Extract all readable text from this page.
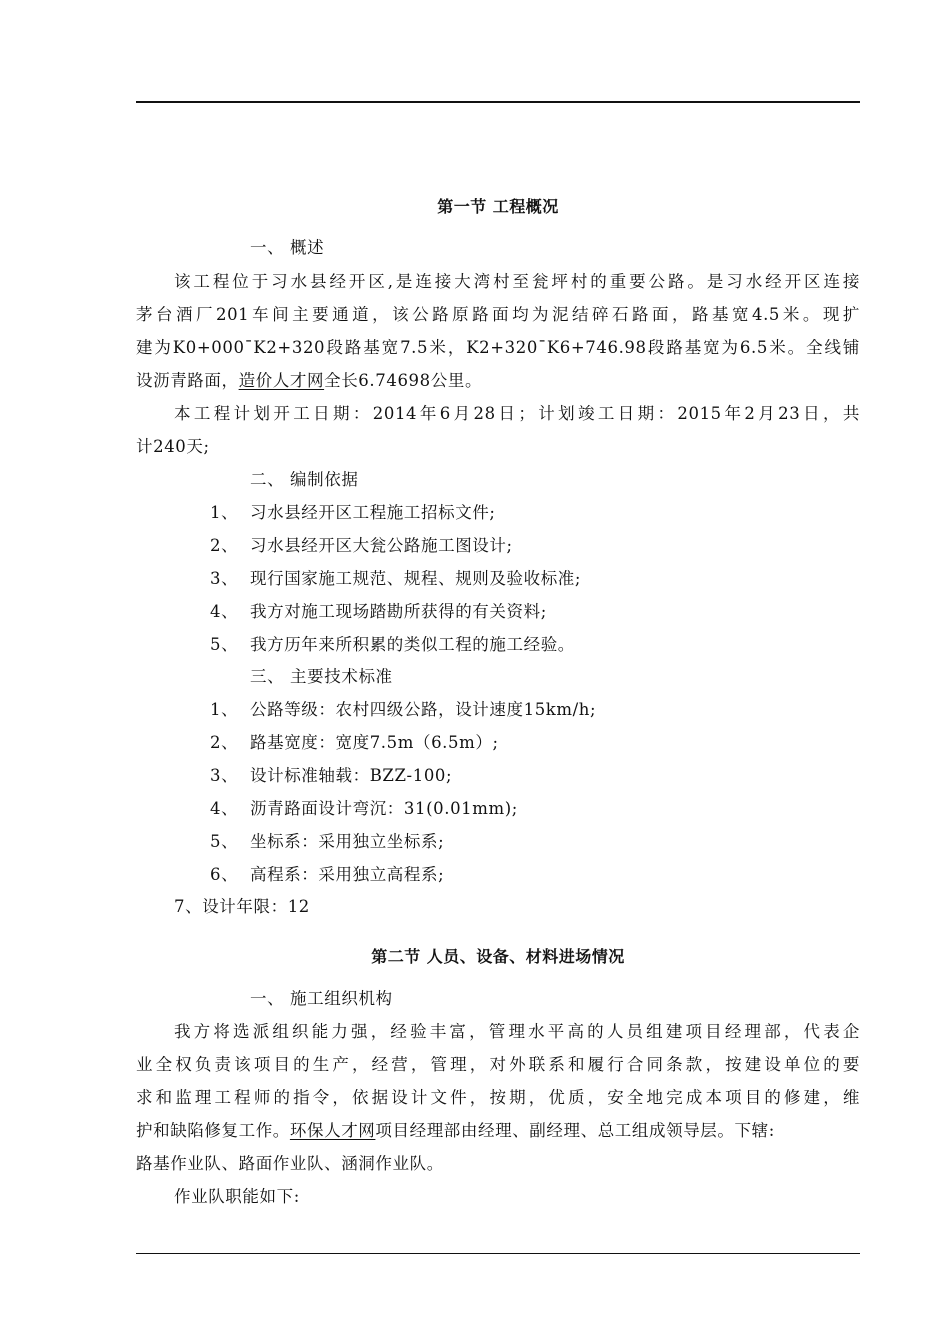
第一节 工程概况
一、 概述
该工程位于习水县经开区,是连接大湾村至瓮坪村的重要公路。是习水经开区连接
茅台酒厂201车间主要通道，该公路原路面均为泥结碎石路面，路基宽4.5米。现扩
建为K0+000¯K2+320段路基宽7.5米，K2+320¯K6+746.98段路基宽为6.5米。全线铺
设沥青路面，造价人才网全长6.74698公里。
本工程计划开工日期：2014年6月28日；计划竣工日期：2015年2月23日，共
计240天;
二、 编制依据
1、 习水县经开区工程施工招标文件;
2、 习水县经开区大瓮公路施工图设计;
3、 现行国家施工规范、规程、规则及验收标准;
4、 我方对施工现场踏勘所获得的有关资料;
5、 我方历年来所积累的类似工程的施工经验。
三、 主要技术标准
1、 公路等级：农村四级公路，设计速度15km/h;
2、 路基宽度：宽度7.5m（6.5m）;
3、 设计标准轴载：BZZ-100;
4、 沥青路面设计弯沉：31(0.01mm);
5、 坐标系：采用独立坐标系;
6、 高程系：采用独立高程系;
7、设计年限：12
第二节 人员、设备、材料进场情况
一、 施工组织机构
我方将选派组织能力强，经验丰富，管理水平高的人员组建项目经理部，代表企
业全权负责该项目的生产，经营，管理，对外联系和履行合同条款，按建设单位的要
求和监理工程师的指令，依据设计文件，按期，优质，安全地完成本项目的修建，维
护和缺陷修复工作。环保人才网项目经理部由经理、副经理、总工组成领导层。下辖:
路基作业队、路面作业队、涵洞作业队。
作业队职能如下:
